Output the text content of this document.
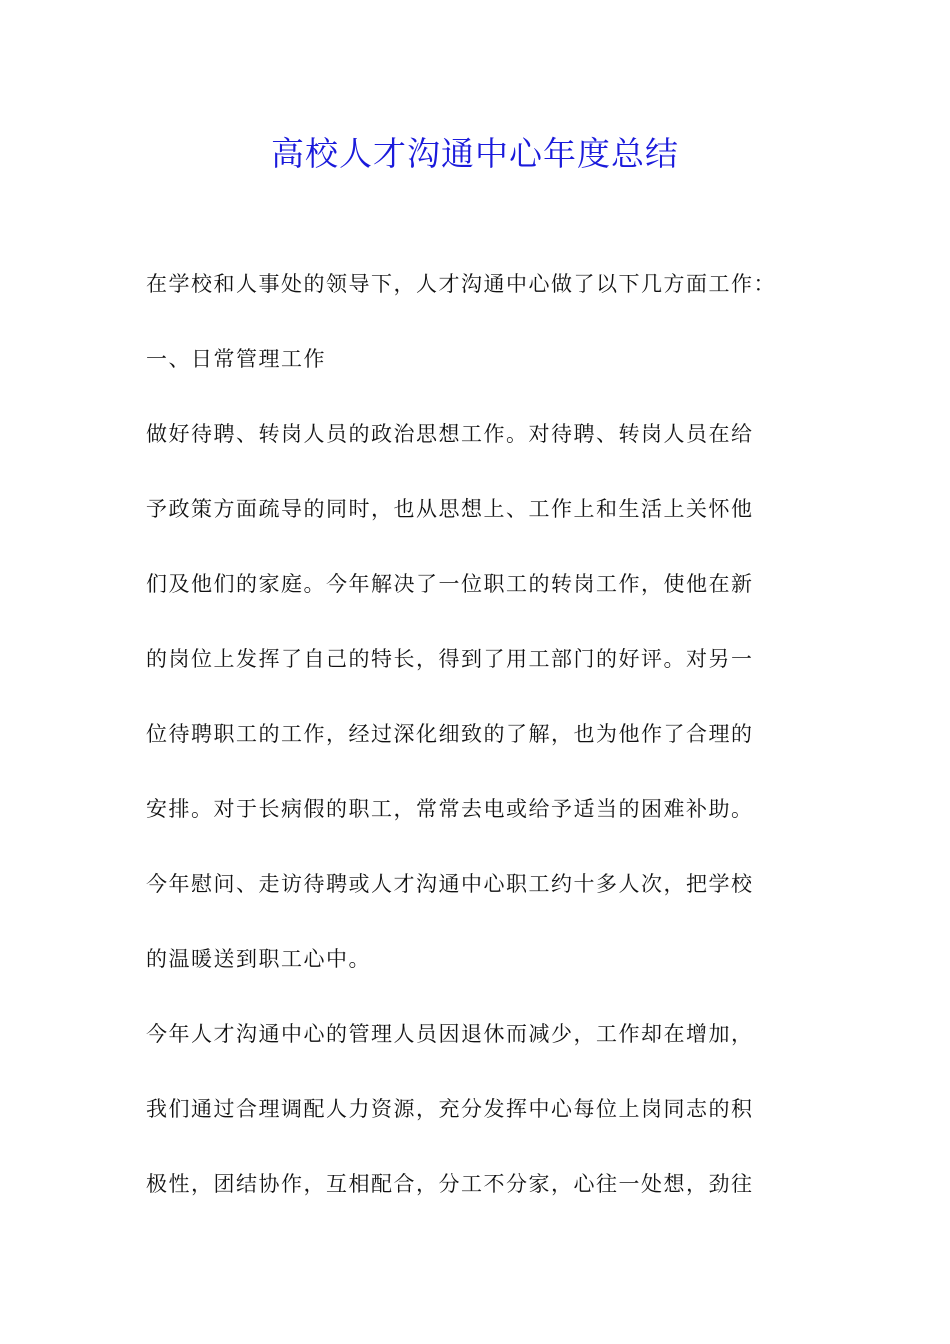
高校人才沟通中心年度总结
在学校和人事处的领导下，人才沟通中心做了以下几方面工作：
一、日常管理工作
做好待聘、转岗人员的政治思想工作。对待聘、转岗人员在给
予政策方面疏导的同时，也从思想上、工作上和生活上关怀他
们及他们的家庭。今年解决了一位职工的转岗工作，使他在新
的岗位上发挥了自己的特长，得到了用工部门的好评。对另一
位待聘职工的工作，经过深化细致的了解，也为他作了合理的
安排。对于长病假的职工，常常去电或给予适当的困难补助。
今年慰问、走访待聘或人才沟通中心职工约十多人次，把学校
的温暖送到职工心中。
今年人才沟通中心的管理人员因退休而减少，工作却在增加，
我们通过合理调配人力资源，充分发挥中心每位上岗同志的积
极性，团结协作，互相配合，分工不分家，心往一处想，劲往
